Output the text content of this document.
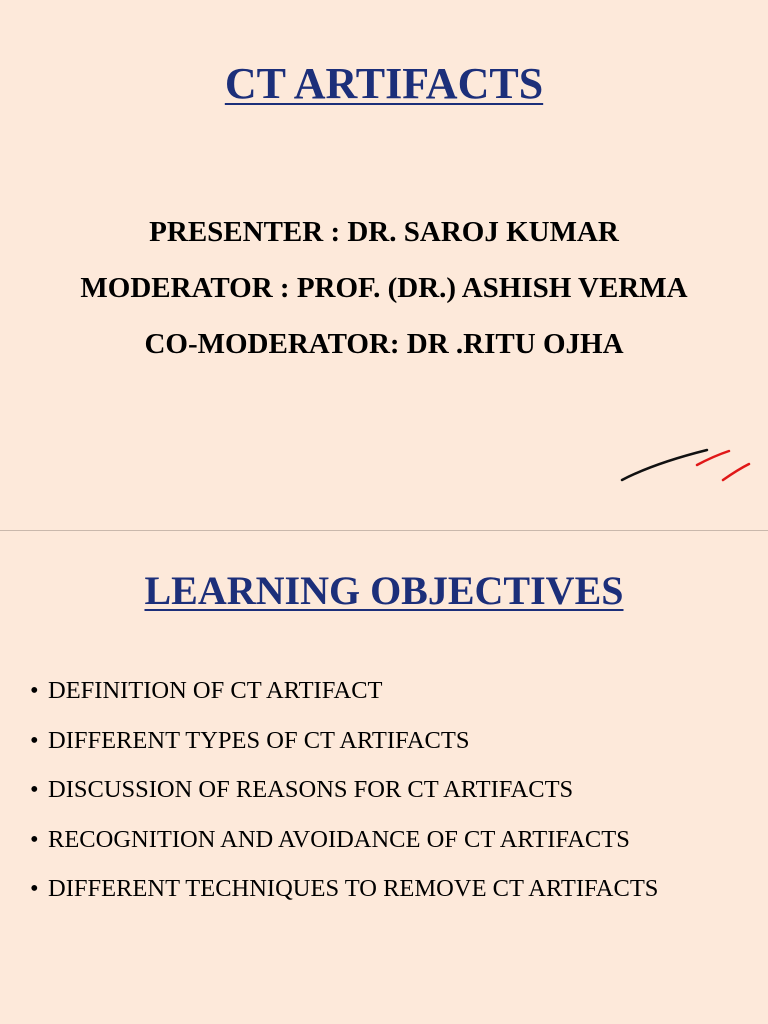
CT ARTIFACTS
PRESENTER : DR. SAROJ KUMAR
MODERATOR : PROF. (DR.) ASHISH VERMA
CO-MODERATOR: DR .RITU OJHA
LEARNING OBJECTIVES
• DEFINITION OF CT ARTIFACT
• DIFFERENT TYPES OF CT ARTIFACTS
• DISCUSSION OF REASONS FOR CT ARTIFACTS
• RECOGNITION AND AVOIDANCE OF CT ARTIFACTS
• DIFFERENT TECHNIQUES TO REMOVE CT ARTIFACTS
